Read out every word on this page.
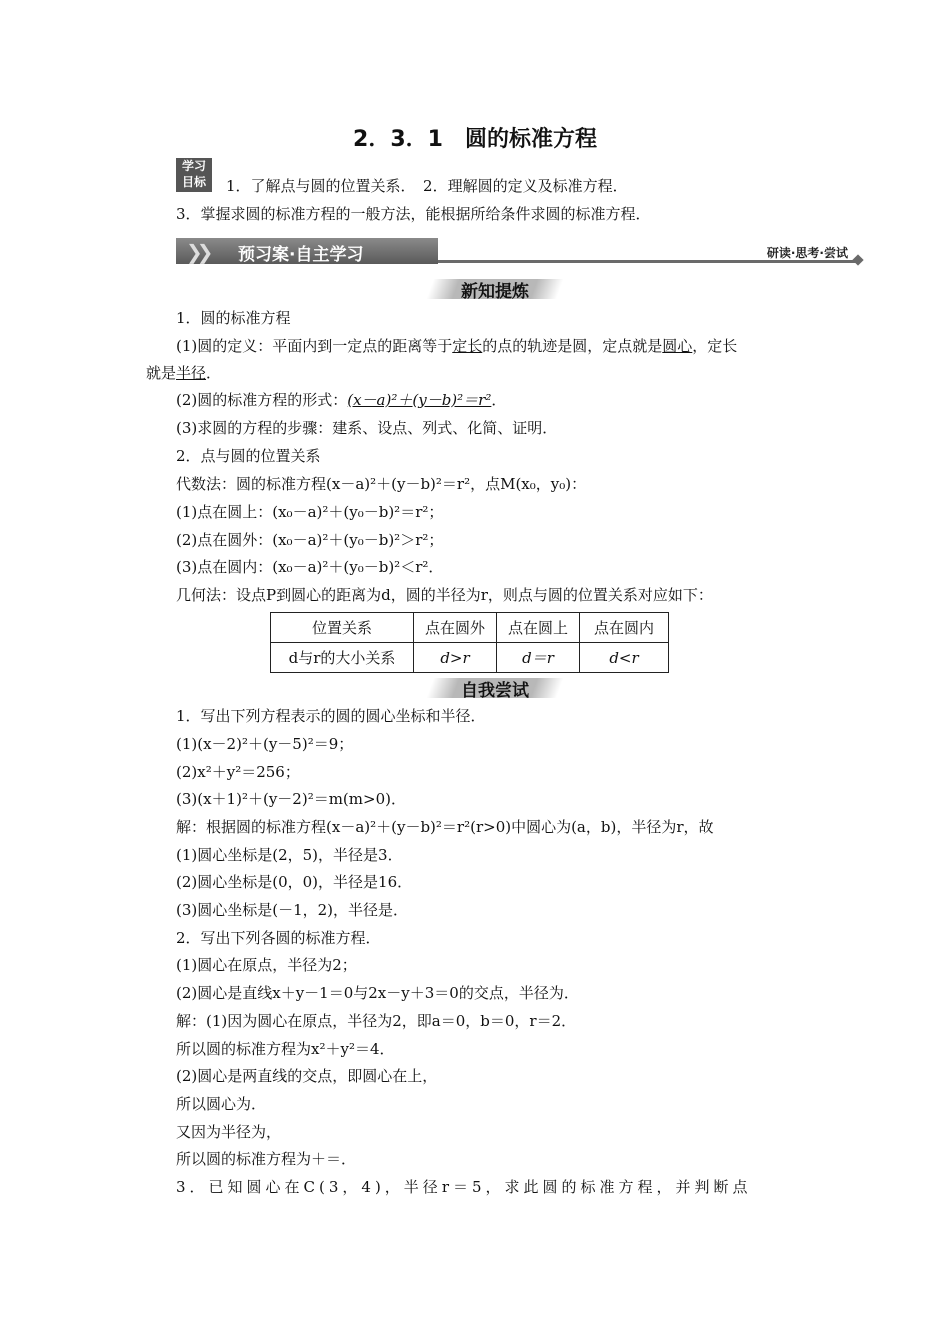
2．3．1　圆的标准方程
学习
目标	1．了解点与圆的位置关系．　2．理解圆的定义及标准方程．
3．掌握求圆的标准方程的一般方法，能根据所给条件求圆的标准方程．
❯❯ 预习案·自主学习	研读·思考·尝试
新知提炼
1．圆的标准方程
(1)圆的定义：平面内到一定点的距离等于定长的点的轨迹是圆，定点就是圆心，定长
就是半径．
(2)圆的标准方程的形式：(x－a)²＋(y－b)²＝r²．
(3)求圆的方程的步骤：建系、设点、列式、化简、证明．
2．点与圆的位置关系
代数法：圆的标准方程(x－a)²＋(y－b)²＝r²，点M(x₀，y₀)：
(1)点在圆上：(x₀－a)²＋(y₀－b)²＝r²；
(2)点在圆外：(x₀－a)²＋(y₀－b)²＞r²；
(3)点在圆内：(x₀－a)²＋(y₀－b)²＜r²．
几何法：设点P到圆心的距离为d，圆的半径为r，则点与圆的位置关系对应如下：
位置关系	点在圆外	点在圆上	点在圆内
d与r的大小关系	d>r	d＝r	d<r
自我尝试
1．写出下列方程表示的圆的圆心坐标和半径．
(1)(x－2)²＋(y－5)²＝9；
(2)x²＋y²＝256；
(3)(x＋1)²＋(y－2)²＝m(m>0)．
解：根据圆的标准方程(x－a)²＋(y－b)²＝r²(r>0)中圆心为(a，b)，半径为r，故
(1)圆心坐标是(2，5)，半径是3．
(2)圆心坐标是(0，0)，半径是16．
(3)圆心坐标是(－1，2)，半径是．
2．写出下列各圆的标准方程．
(1)圆心在原点，半径为2；
(2)圆心是直线x＋y－1＝0与2x－y＋3＝0的交点，半径为．
解：(1)因为圆心在原点，半径为2，即a＝0，b＝0，r＝2．
所以圆的标准方程为x²＋y²＝4．
(2)圆心是两直线的交点，即圆心在上，
所以圆心为．
又因为半径为，
所以圆的标准方程为＋＝．
3．已知圆心在C(3，4)，半径r＝5，求此圆的标准方程，并判断点
